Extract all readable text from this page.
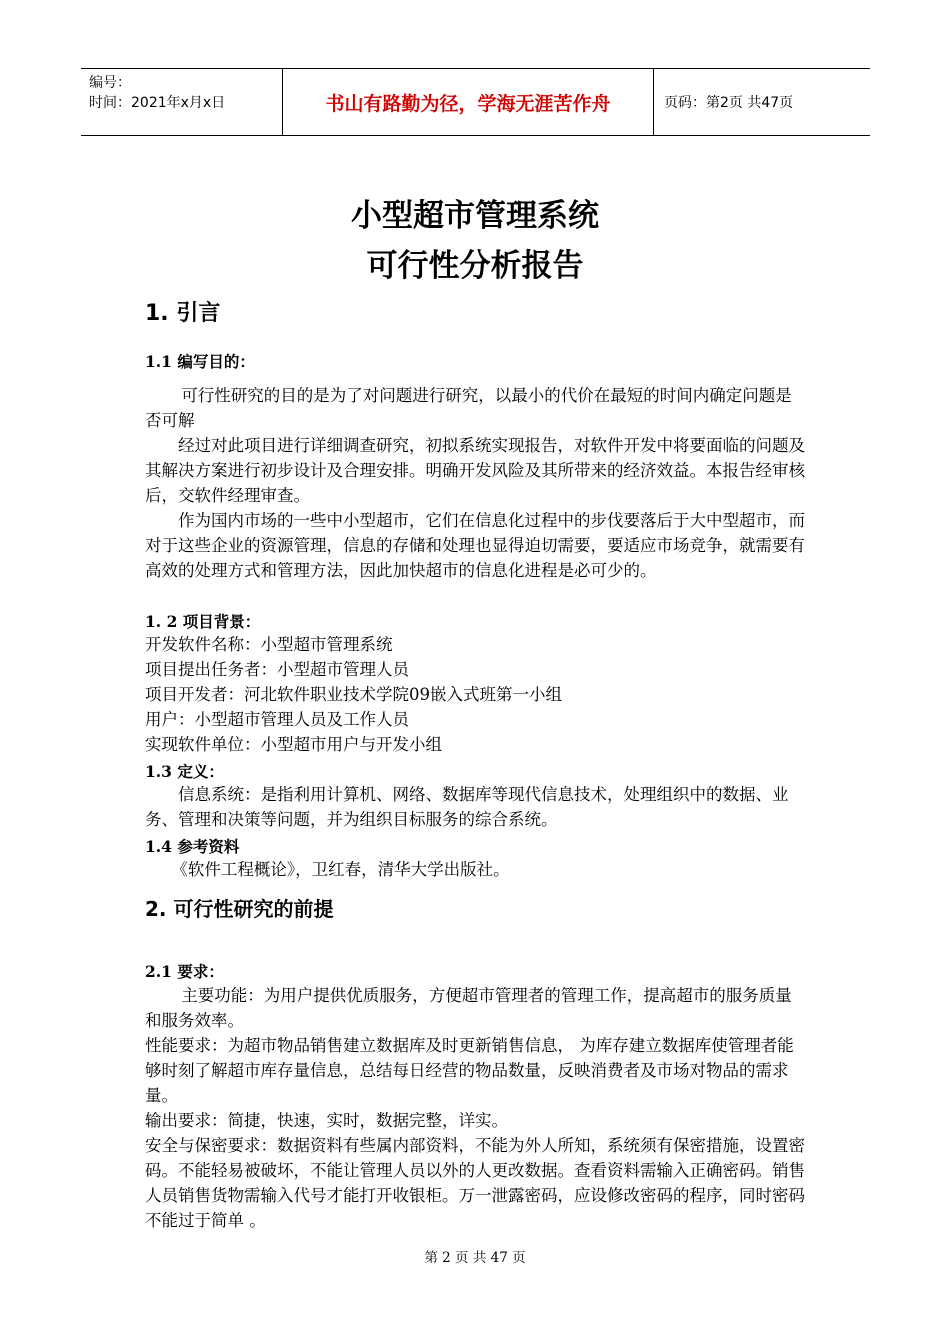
编号：
时间：2021年x月x日	书山有路勤为径，学海无涯苦作舟	页码：第2页 共47页
小型超市管理系统
可行性分析报告
1. 引言
1.1 编写目的：
可行性研究的目的是为了对问题进行研究，以最小的代价在最短的时间内确定问题是否可解
经过对此项目进行详细调查研究，初拟系统实现报告，对软件开发中将要面临的问题及其解决方案进行初步设计及合理安排。明确开发风险及其所带来的经济效益。本报告经审核后，交软件经理审查。
作为国内市场的一些中小型超市，它们在信息化过程中的步伐要落后于大中型超市，而对于这些企业的资源管理，信息的存储和处理也显得迫切需要，要适应市场竞争，就需要有高效的处理方式和管理方法，因此加快超市的信息化进程是必可少的。
1. 2 项目背景：
开发软件名称：小型超市管理系统
项目提出任务者：小型超市管理人员
项目开发者：河北软件职业技术学院09嵌入式班第一小组
用户：小型超市管理人员及工作人员
实现软件单位：小型超市用户与开发小组
1.3 定义：
信息系统：是指利用计算机、网络、数据库等现代信息技术，处理组织中的数据、业务、管理和决策等问题，并为组织目标服务的综合系统。
1.4 参考资料
《软件工程概论》，卫红春，清华大学出版社。
2. 可行性研究的前提
2.1 要求：
主要功能：为用户提供优质服务，方便超市管理者的管理工作，提高超市的服务质量和服务效率。
性能要求：为超市物品销售建立数据库及时更新销售信息， 为库存建立数据库使管理者能够时刻了解超市库存量信息，总结每日经营的物品数量，反映消费者及市场对物品的需求量。
输出要求：简捷，快速，实时，数据完整，详实。
安全与保密要求：数据资料有些属内部资料，不能为外人所知，系统须有保密措施，设置密码。不能轻易被破坏，不能让管理人员以外的人更改数据。查看资料需输入正确密码。销售人员销售货物需输入代号才能打开收银柜。万一泄露密码，应设修改密码的程序，同时密码不能过于简单 。
第 2 页 共 47 页
